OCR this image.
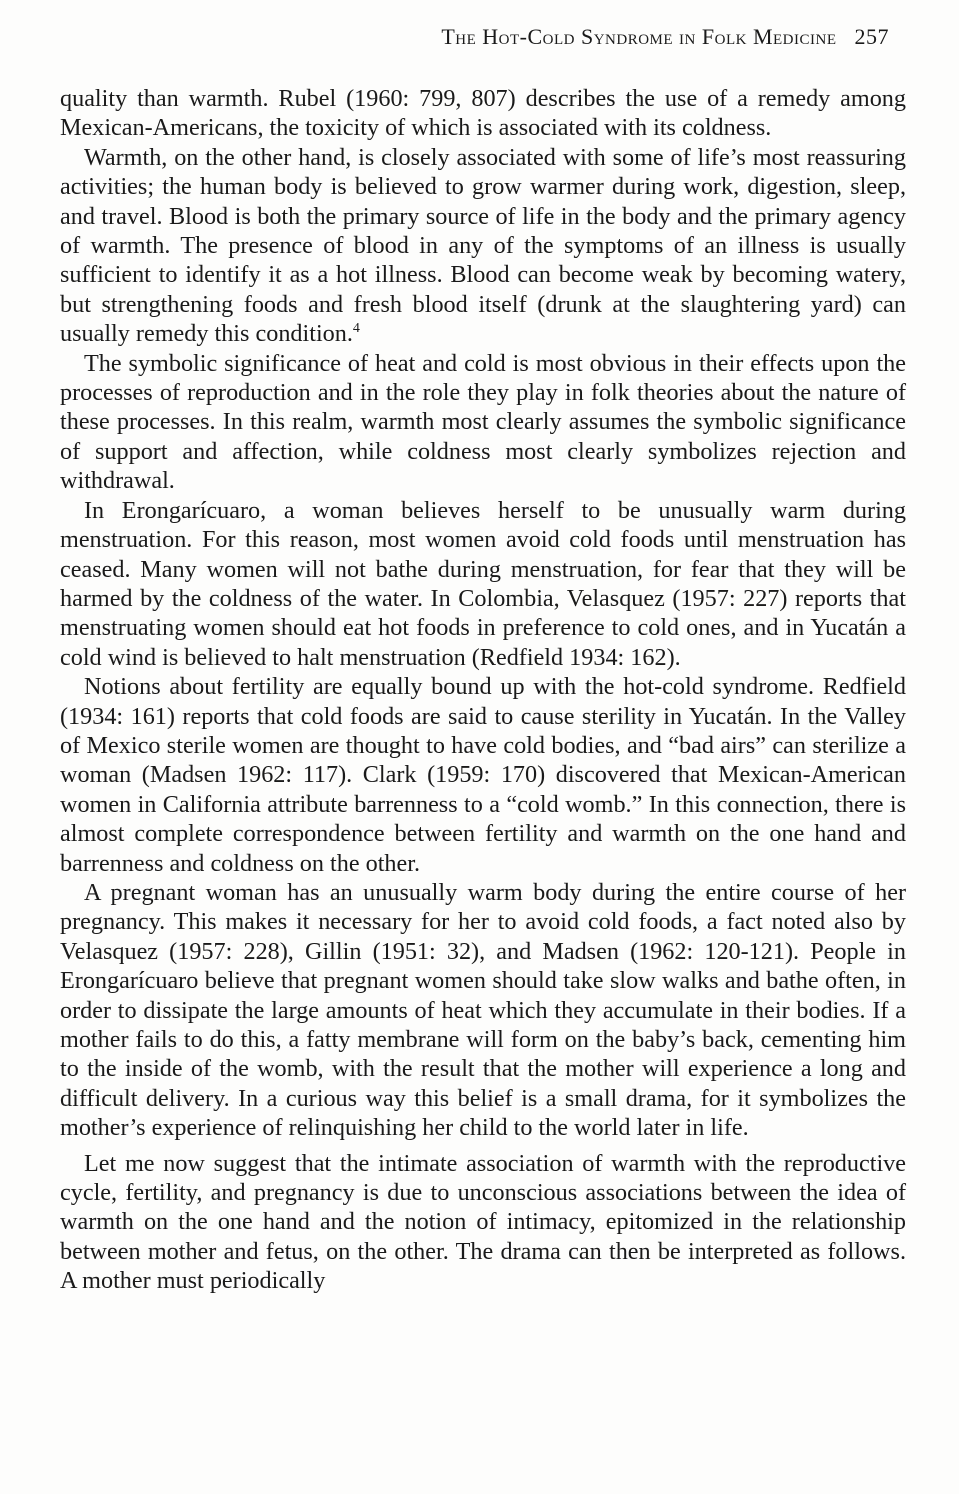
The Hot-Cold Syndrome in Folk Medicine 257

quality than warmth. Rubel (1960: 799, 807) describes the use of a remedy among Mexican-Americans, the toxicity of which is associated with its coldness.

Warmth, on the other hand, is closely associated with some of life’s most reassuring activities; the human body is believed to grow warmer during work, digestion, sleep, and travel. Blood is both the primary source of life in the body and the primary agency of warmth. The presence of blood in any of the symptoms of an illness is usually sufficient to identify it as a hot illness. Blood can become weak by becoming watery, but strengthening foods and fresh blood itself (drunk at the slaughtering yard) can usually remedy this condition.$^4$

The symbolic significance of heat and cold is most obvious in their effects upon the processes of reproduction and in the role they play in folk theories about the nature of these processes. In this realm, warmth most clearly assumes the symbolic significance of support and affection, while coldness most clearly symbolizes rejection and withdrawal.

In Erongarícuaro, a woman believes herself to be unusually warm during menstruation. For this reason, most women avoid cold foods until menstruation has ceased. Many women will not bathe during menstruation, for fear that they will be harmed by the coldness of the water. In Colombia, Velasquez (1957: 227) reports that menstruating women should eat hot foods in preference to cold ones, and in Yucatán a cold wind is believed to halt menstruation (Redfield 1934: 162).

Notions about fertility are equally bound up with the hot-cold syndrome. Redfield (1934: 161) reports that cold foods are said to cause sterility in Yucatán. In the Valley of Mexico sterile women are thought to have cold bodies, and “bad airs” can sterilize a woman (Madsen 1962: 117). Clark (1959: 170) discovered that Mexican-American women in California attribute barrenness to a “cold womb.” In this connection, there is almost complete correspondence between fertility and warmth on the one hand and barrenness and coldness on the other.

A pregnant woman has an unusually warm body during the entire course of her pregnancy. This makes it necessary for her to avoid cold foods, a fact noted also by Velasquez (1957: 228), Gillin (1951: 32), and Madsen (1962: 120-121). People in Erongarícuaro believe that pregnant women should take slow walks and bathe often, in order to dissipate the large amounts of heat which they accumulate in their bodies. If a mother fails to do this, a fatty membrane will form on the baby’s back, cementing him to the inside of the womb, with the result that the mother will experience a long and difficult delivery. In a curious way this belief is a small drama, for it symbolizes the mother’s experience of relinquishing her child to the world later in life.

Let me now suggest that the intimate association of warmth with the reproductive cycle, fertility, and pregnancy is due to unconscious associations between the idea of warmth on the one hand and the notion of intimacy, epitomized in the relationship between mother and fetus, on the other. The drama can then be interpreted as follows. A mother must periodically
